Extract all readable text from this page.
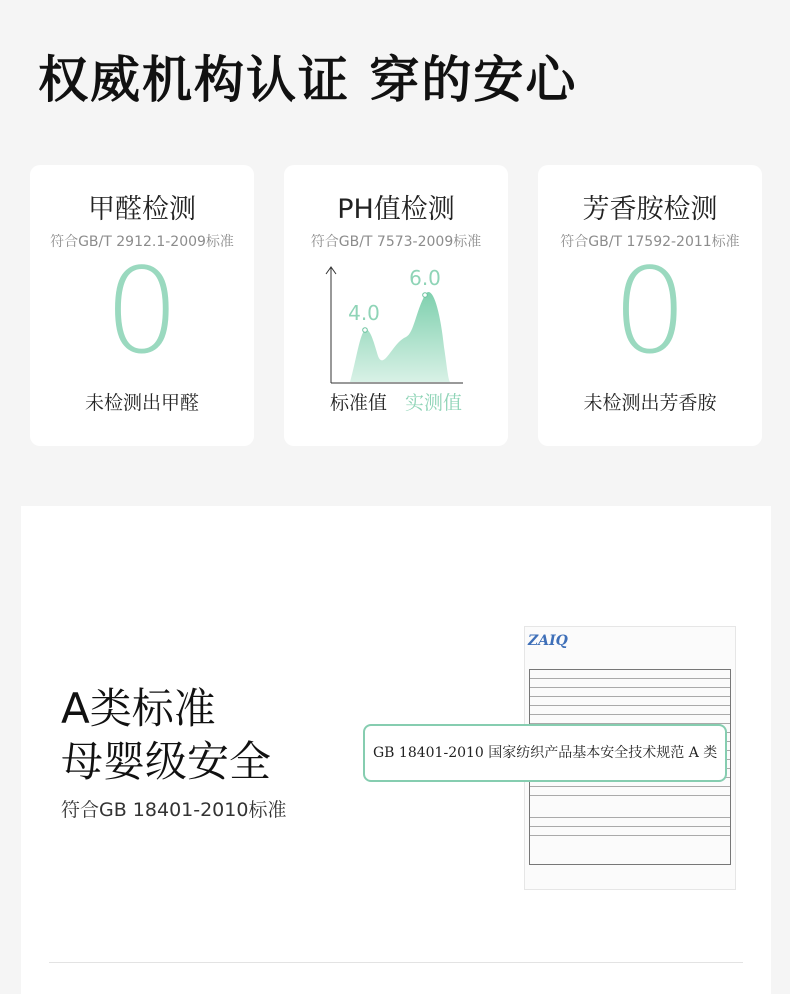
权威机构认证 穿的安心
甲醛检测
符合GB/T 2912.1-2009标准
0
未检测出甲醛
PH值检测
符合GB/T 7573-2009标准
4.0
6.0
标准值 实测值
芳香胺检测
符合GB/T 17592-2011标准
0
未检测出芳香胺
A类标准
母婴级安全
符合GB 18401-2010标准
ZAIQ

GB 18401-2010 国家纺织产品基本安全技术规范 A 类
